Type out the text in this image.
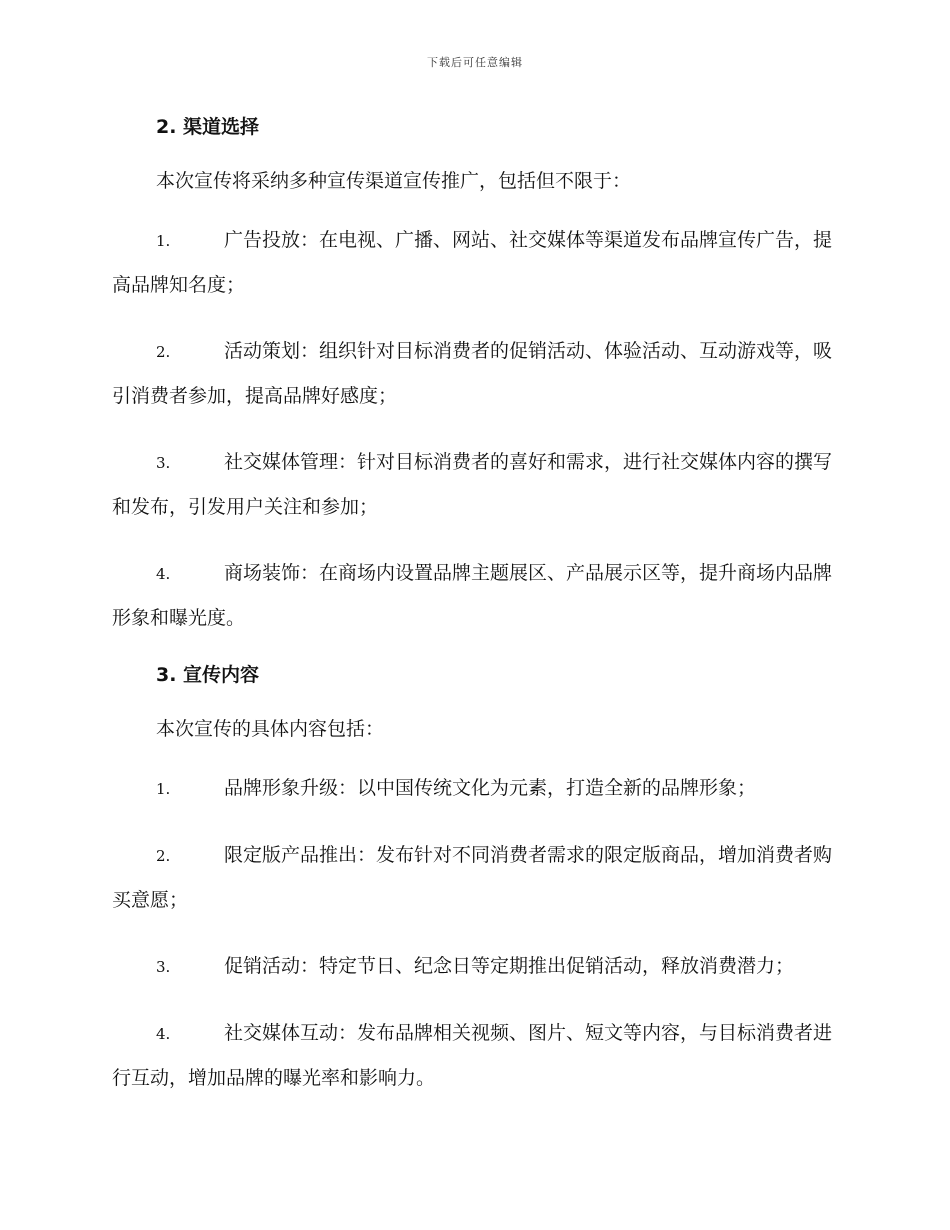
下载后可任意编辑
2. 渠道选择
本次宣传将采纳多种宣传渠道宣传推广，包括但不限于：
1.	广告投放：在电视、广播、网站、社交媒体等渠道发布品牌宣传广告，提高品牌知名度；
2.	活动策划：组织针对目标消费者的促销活动、体验活动、互动游戏等，吸引消费者参加，提高品牌好感度；
3.	社交媒体管理：针对目标消费者的喜好和需求，进行社交媒体内容的撰写和发布，引发用户关注和参加；
4.	商场装饰：在商场内设置品牌主题展区、产品展示区等，提升商场内品牌形象和曝光度。
3. 宣传内容
本次宣传的具体内容包括：
1.	品牌形象升级：以中国传统文化为元素，打造全新的品牌形象；
2.	限定版产品推出：发布针对不同消费者需求的限定版商品，增加消费者购买意愿；
3.	促销活动：特定节日、纪念日等定期推出促销活动，释放消费潜力；
4.	社交媒体互动：发布品牌相关视频、图片、短文等内容，与目标消费者进行互动，增加品牌的曝光率和影响力。
